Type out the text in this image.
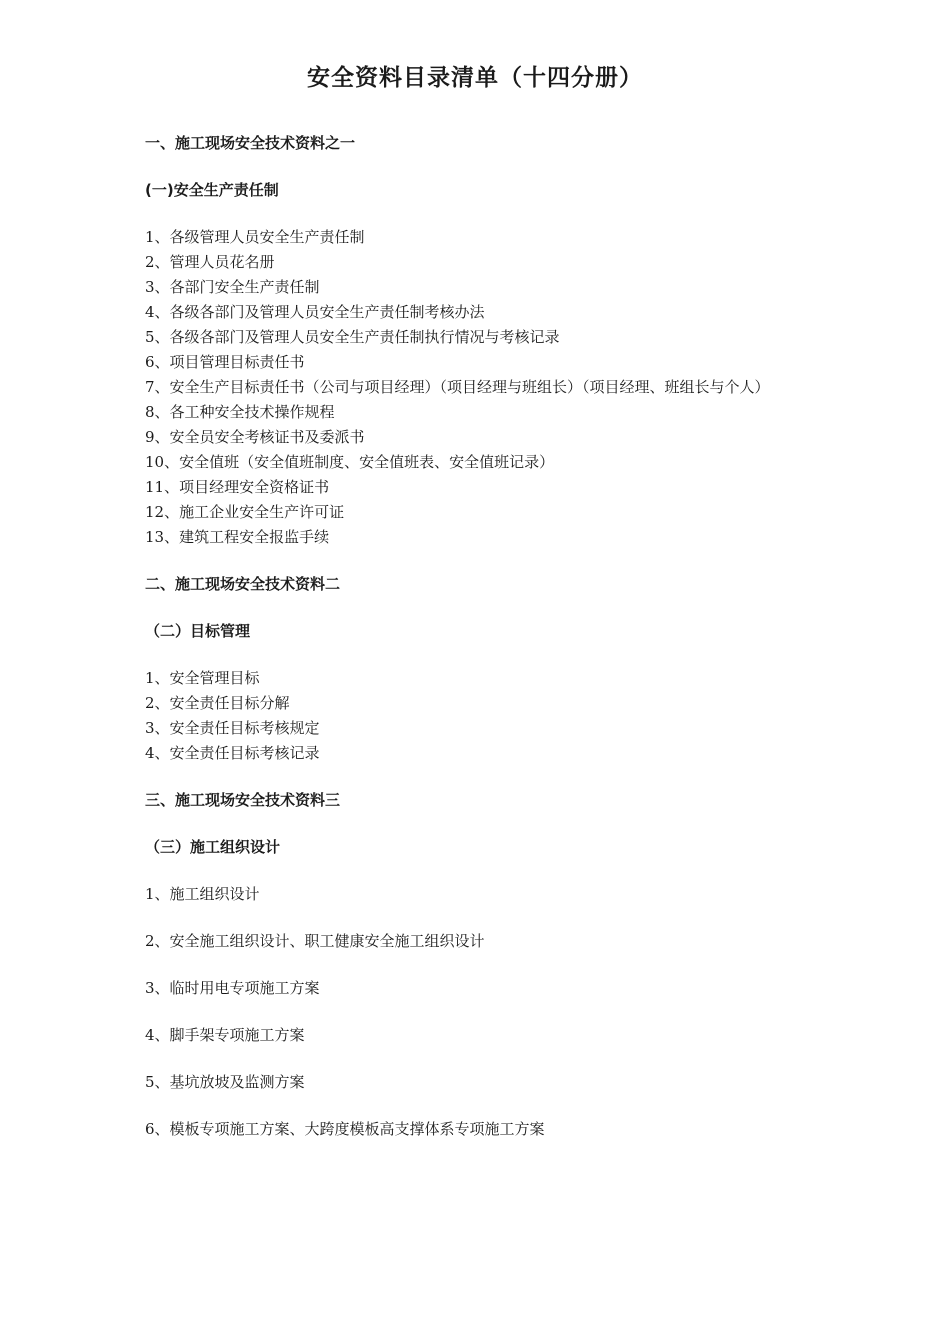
安全资料目录清单（十四分册）
一、施工现场安全技术资料之一
(一)安全生产责任制
1、各级管理人员安全生产责任制
2、管理人员花名册
3、各部门安全生产责任制
4、各级各部门及管理人员安全生产责任制考核办法
5、各级各部门及管理人员安全生产责任制执行情况与考核记录
6、项目管理目标责任书
7、安全生产目标责任书（公司与项目经理）（项目经理与班组长）（项目经理、班组长与个人）
8、各工种安全技术操作规程
9、安全员安全考核证书及委派书
10、安全值班（安全值班制度、安全值班表、安全值班记录）
11、项目经理安全资格证书
12、施工企业安全生产许可证
13、建筑工程安全报监手续
二、施工现场安全技术资料二
（二）目标管理
1、安全管理目标
2、安全责任目标分解
3、安全责任目标考核规定
4、安全责任目标考核记录
三、施工现场安全技术资料三
（三）施工组织设计
1、施工组织设计
2、安全施工组织设计、职工健康安全施工组织设计
3、临时用电专项施工方案
4、脚手架专项施工方案
5、基坑放坡及监测方案
6、模板专项施工方案、大跨度模板高支撑体系专项施工方案
